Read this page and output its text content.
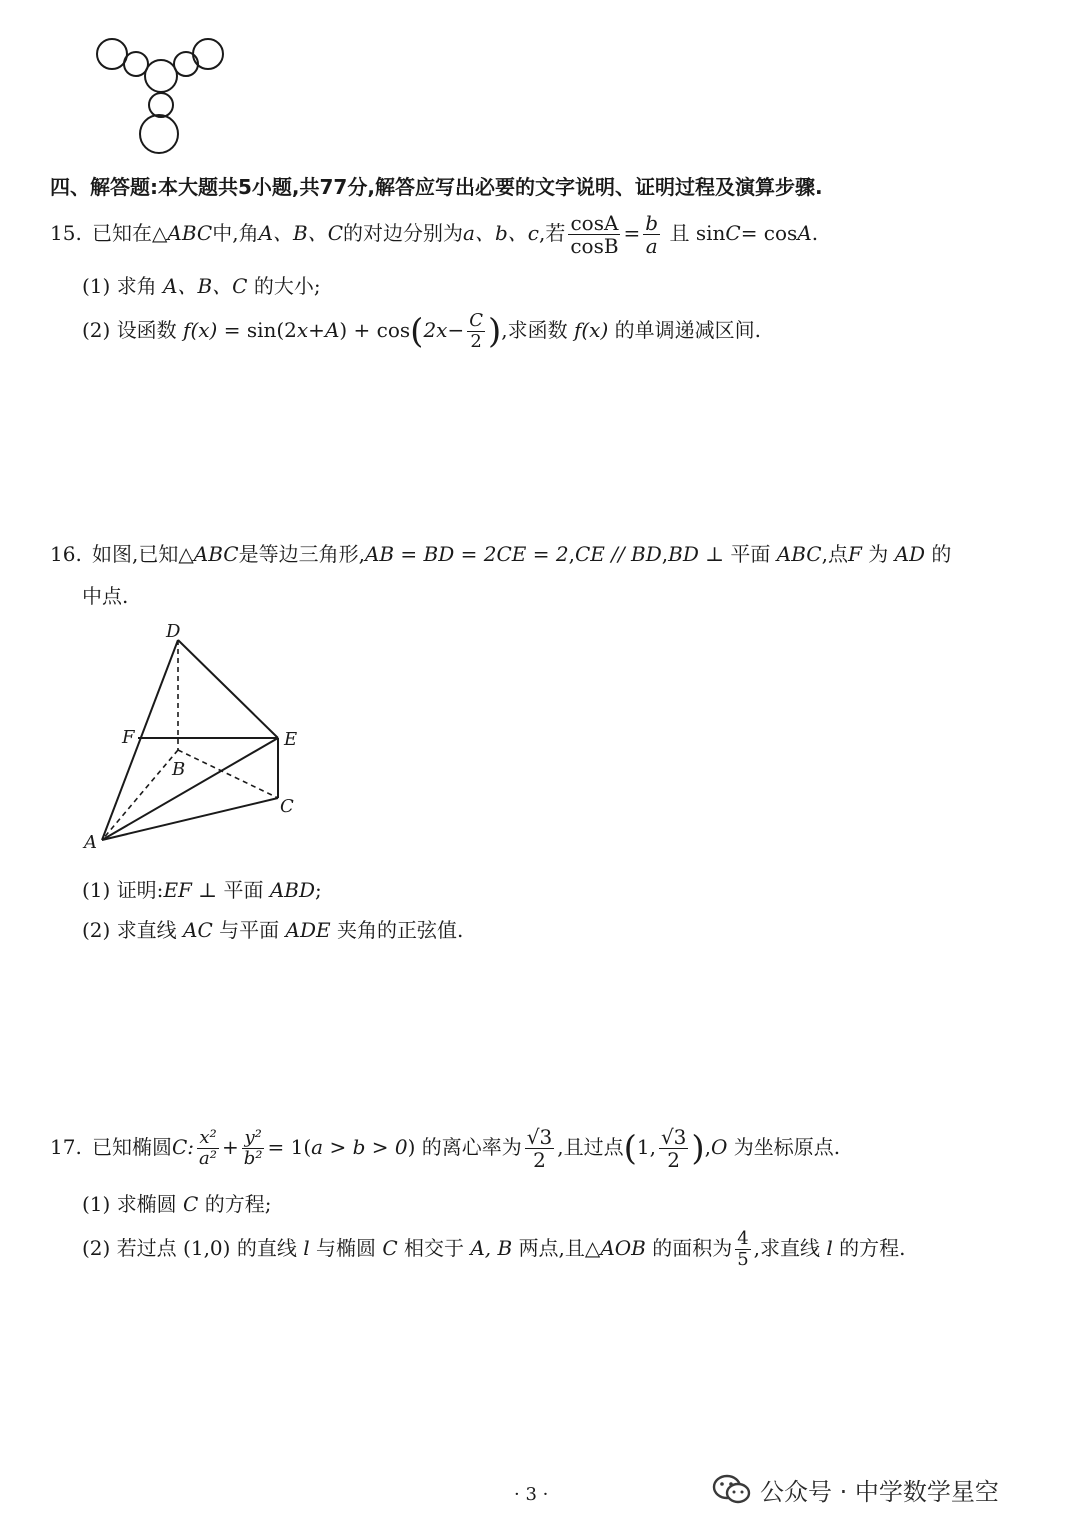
四、解答题:本大题共5小题,共77分,解答应写出必要的文字说明、证明过程及演算步骤.
15. 已知在△ABC中,角A、B、C的对边分别为a、b、c,若 $\frac{\cos A}{\cos B} = \frac{b}{a}$ 且 sinC= cosA.
(1) 求角 A、B、C 的大小;
(2) 设函数 $f(x) = \sin(2x+A) + \cos(2x- \frac{C}{2}$ ),求函数 f(x) 的单调递减区间.
16. 如图,已知△ABC是等边三角形,AB = BD = 2CE = 2,CE // BD,BD ⊥ 平面 ABC,点F 为 AD 的
中点.
D
F	E
B
C
A
(1) 证明:EF ⊥ 平面 ABD;
(2) 求直线 AC 与平面 ADE 夹角的正弦值.
17. 已知椭圆C: $\frac{\text{x²}}{\text{a²}} + \frac{\text{y²}}{\text{b²}} = 1(a > b > 0)$ 的离心率为 $\frac{√3}{2}$ ,且过点(1, $\frac{√3}{2} ),O$ 为坐标原点.
(1) 求椭圆 C 的方程;
(2) 若过点 (1,0) 的直线 l 与椭圆 C 相交于 A, B 两点,且△AOB 的面积为 $\frac{4}{5}$ ,求直线 l 的方程.
· 3 ·	公众号 · 中学数学星空
